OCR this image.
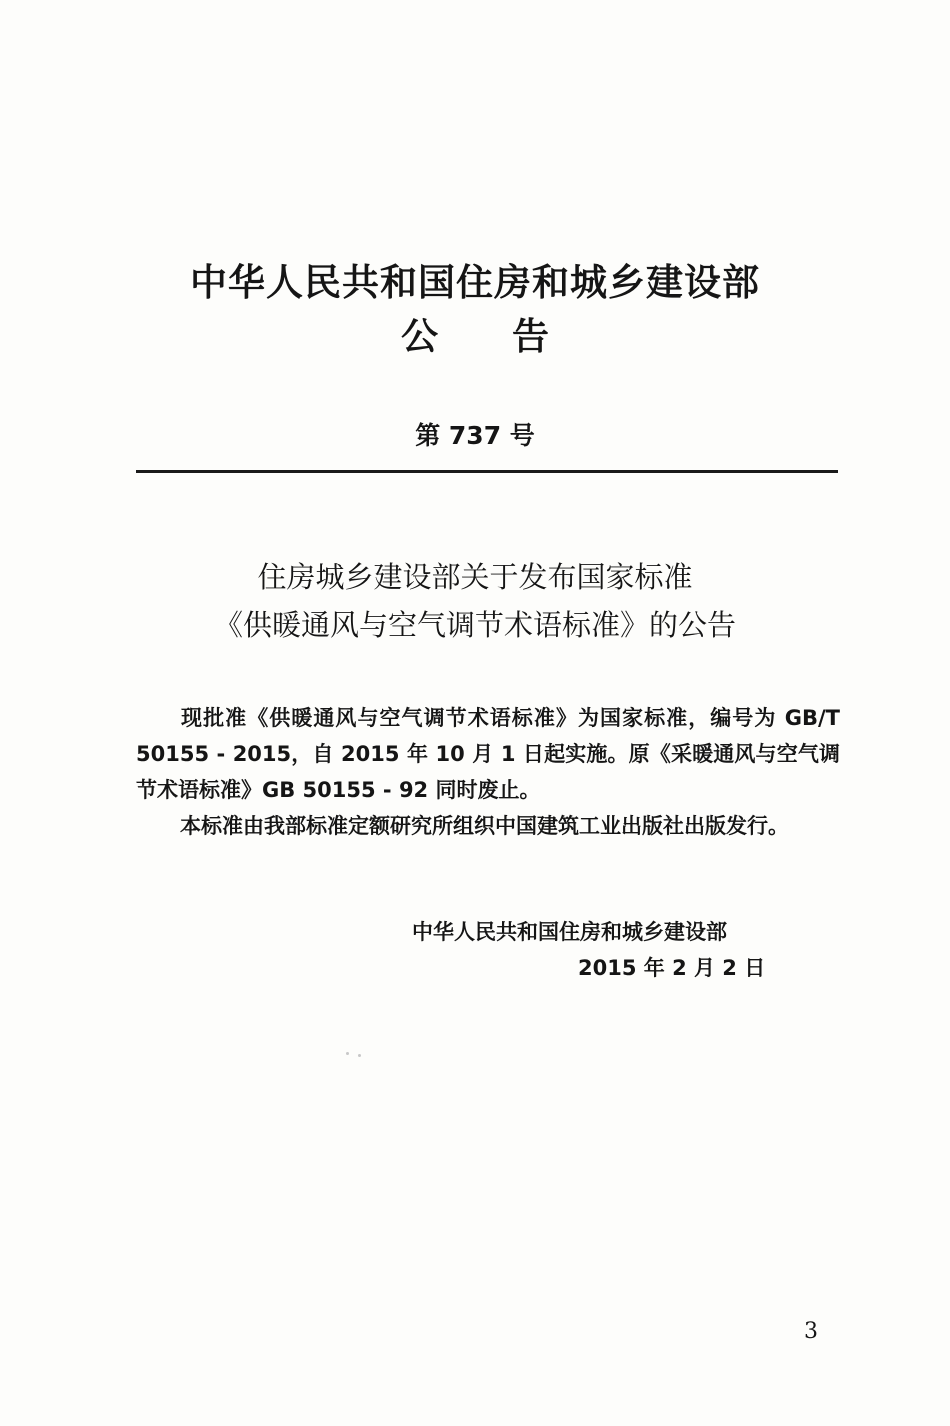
中华人民共和国住房和城乡建设部
公　　告
第 737 号
住房城乡建设部关于发布国家标准
《供暖通风与空气调节术语标准》的公告
现批准《供暖通风与空气调节术语标准》为国家标准，编号为 GB/T 50155 - 2015，自 2015 年 10 月 1 日起实施。原《采暖通风与空气调节术语标准》GB 50155 - 92 同时废止。
本标准由我部标准定额研究所组织中国建筑工业出版社出版发行。
中华人民共和国住房和城乡建设部
2015 年 2 月 2 日
3
